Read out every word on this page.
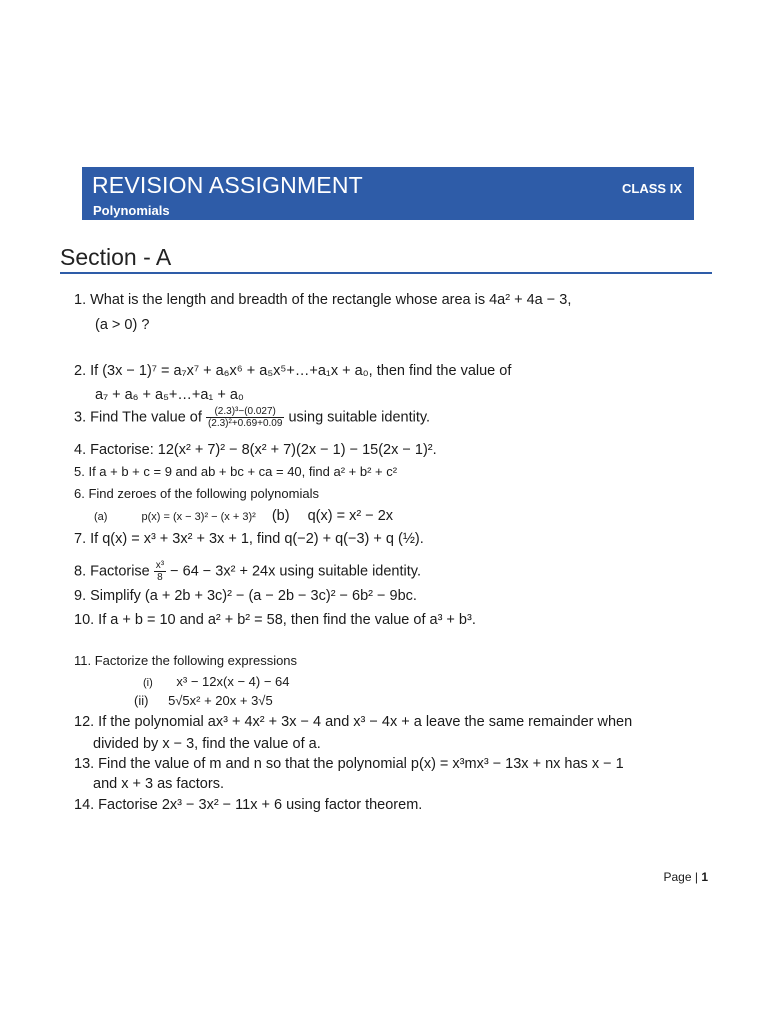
REVISION ASSIGNMENT
Polynomials
CLASS IX
Section - A
1. What is the length and breadth of the rectangle whose area is 4a² + 4a − 3,
(a > 0) ?
2. If (3x − 1)⁷ = a₇x⁷ + a₆x⁶ + a₅x⁵+…+a₁x + a₀, then find the value of
a₇ + a₆ + a₅+…+a₁ + a₀
3. Find The value of $\frac{\text{(2.3)³−(0.027)}}{\text{(2.3)²+0.69+0.09}}$ using suitable identity.
4. Factorise: 12(x² + 7)² − 8(x² + 7)(2x − 1) − 15(2x − 1)².
5. If a + b + c = 9 and ab + bc + ca = 40, find a² + b² + c²
6. Find zeroes of the following polynomials
(a)	p(x) = (x − 3)² − (x + 3)² (b) q(x) = x² − 2x
7. If q(x) = x³ + 3x² + 3x + 1, find q(−2) + q(−3) + q (½).
8. Factorise $\frac{\text{x³}}{8} - 64 - 3x^2 + 24x$ using suitable identity.
9. Simplify (a + 2b + 3c)² − (a − 2b − 3c)² − 6b² − 9bc.
10. If a + b = 10 and a² + b² = 58, then find the value of a³ + b³.
11. Factorize the following expressions
(i) x³ − 12x(x − 4) − 64
(ii) 5√5x² + 20x + 3√5
12. If the polynomial ax³ + 4x² + 3x − 4 and x³ − 4x + a leave the same remainder when
divided by x − 3, find the value of a.
13. Find the value of m and n so that the polynomial p(x) = x³mx³ − 13x + nx has x − 1
and x + 3 as factors.
14. Factorise 2x³ − 3x² − 11x + 6 using factor theorem.
Page | 1
